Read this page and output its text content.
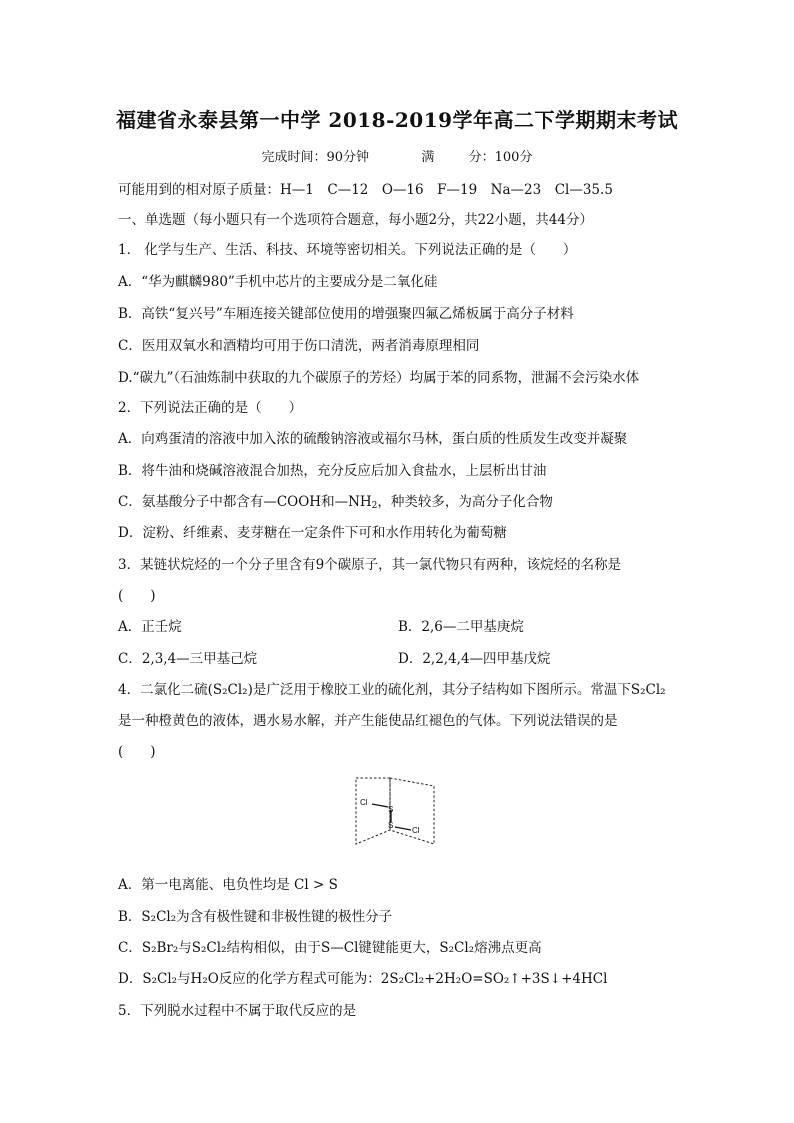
福建省永泰县第一中学 2018-2019学年高二下学期期末考试
完成时间：90分钟	满	分：100分
可能用到的相对原子质量：H—1　C—12　O—16　F—19　Na—23　Cl—35.5
一、单选题（每小题只有一个选项符合题意，每小题2分，共22小题，共44分）
1． 化学与生产、生活、科技、环境等密切相关。下列说法正确的是（　　）
A．“华为麒麟980”手机中芯片的主要成分是二氧化硅
B．高铁“复兴号”车厢连接关键部位使用的增强聚四氟乙烯板属于高分子材料
C．医用双氧水和酒精均可用于伤口清洗，两者消毒原理相同
D.“碳九”（石油炼制中获取的九个碳原子的芳烃）均属于苯的同系物，泄漏不会污染水体
2．下列说法正确的是（　　）
A．向鸡蛋清的溶液中加入浓的硫酸钠溶液或福尔马林，蛋白质的性质发生改变并凝聚
B．将牛油和烧碱溶液混合加热，充分反应后加入食盐水，上层析出甘油
C．氨基酸分子中都含有—COOH和$—NH_2$，种类较多，为高分子化合物
D．淀粉、纤维素、麦芽糖在一定条件下可和水作用转化为葡萄糖
3．某链状烷烃的一个分子里含有9个碳原子，其一氯代物只有两种，该烷烃的名称是
(　　)
A．正壬烷	B．2,6—二甲基庚烷
C．2,3,4—三甲基己烷	D．2,2,4,4—四甲基戊烷
4．二氯化二硫(S₂Cl₂)是广泛用于橡胶工业的硫化剂，其分子结构如下图所示。常温下S₂Cl₂
是一种橙黄色的液体，遇水易水解，并产生能使品红褪色的气体。下列说法错误的是
(　　)
Cl
S
S
Cl
A．第一电离能、电负性均是 Cl > S
B．S₂Cl₂为含有极性键和非极性键的极性分子
C．S₂Br₂与S₂Cl₂结构相似，由于S—Cl键键能更大，S₂Cl₂熔沸点更高
D．S₂Cl₂与H₂O反应的化学方程式可能为：2S₂Cl₂+2H₂O=SO₂↑+3S↓+4HCl
5．下列脱水过程中不属于取代反应的是
